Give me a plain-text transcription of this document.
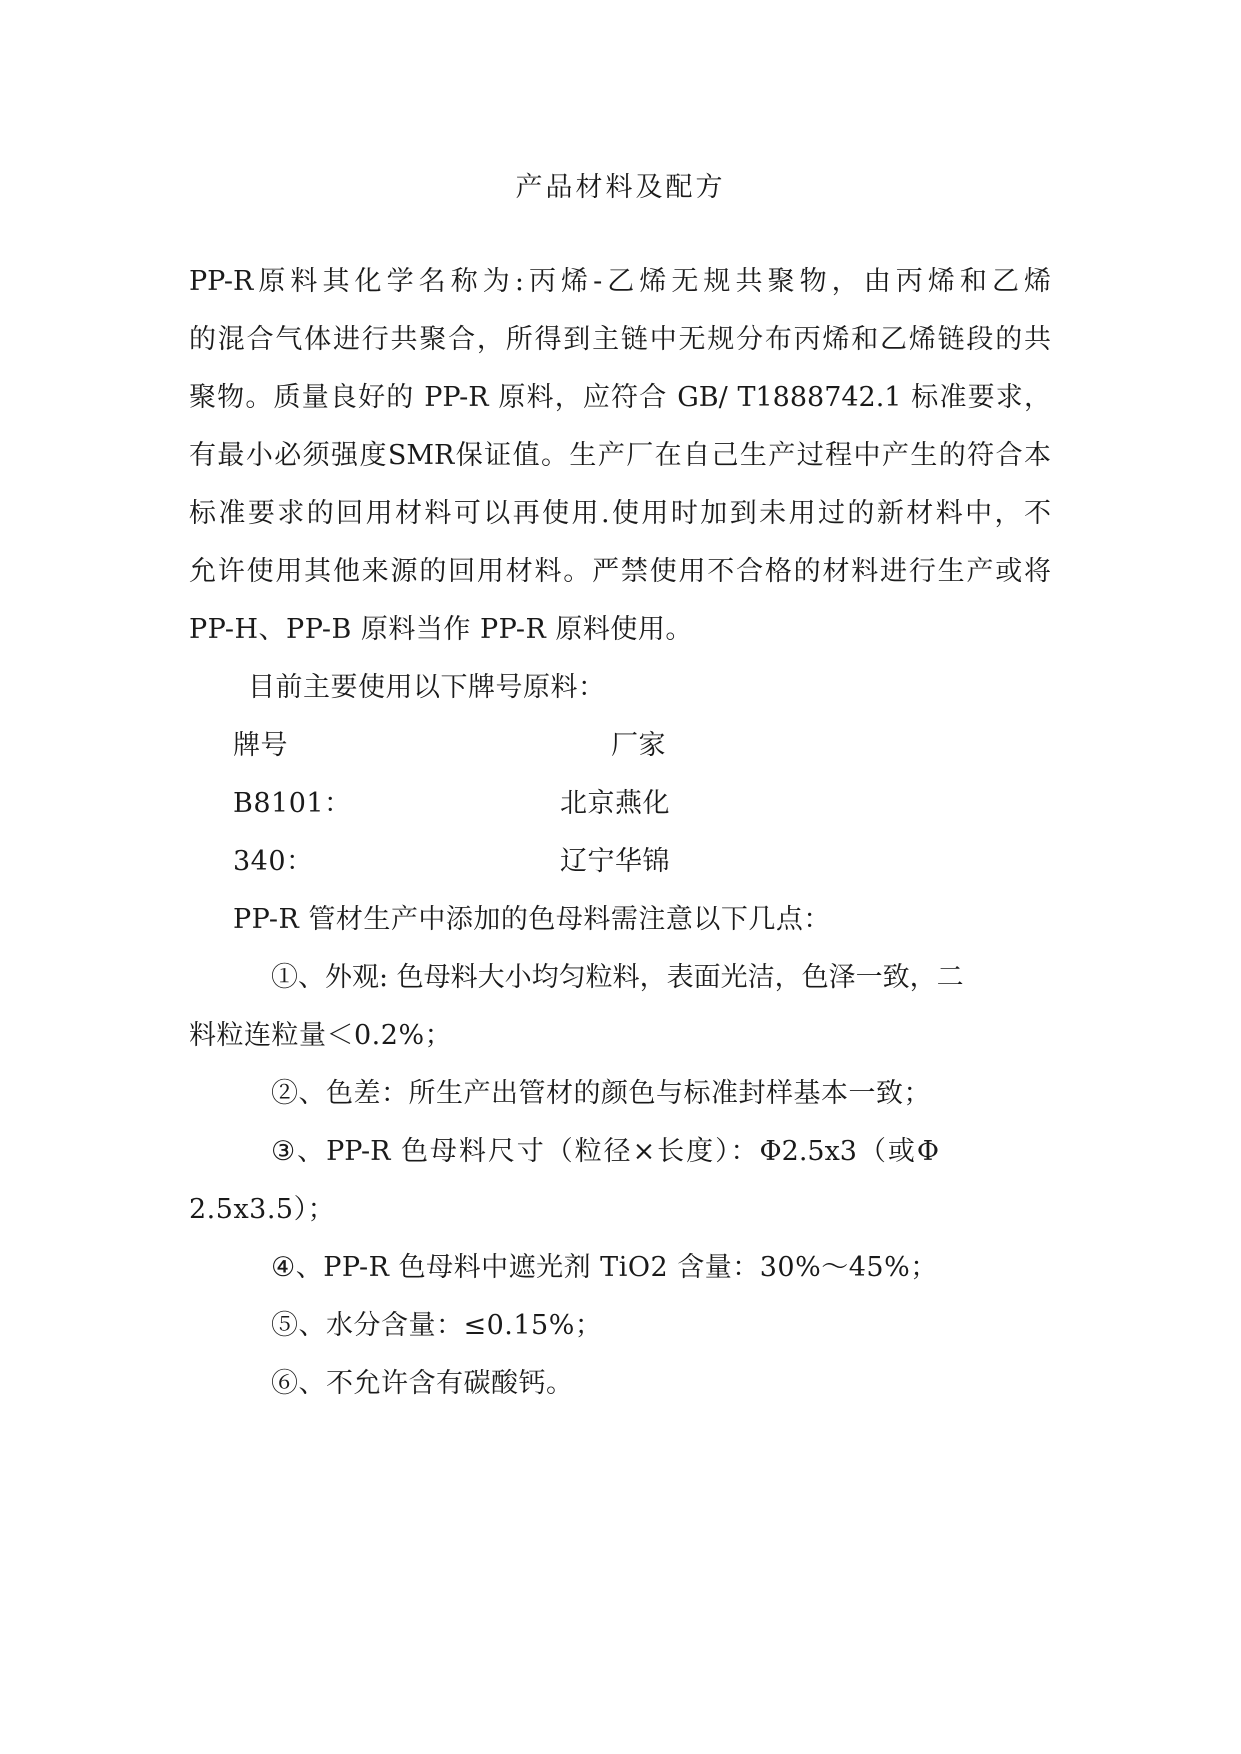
产品材料及配方
PP-R原料其化学名称为:丙烯-乙烯无规共聚物，由丙烯和乙烯
的混合气体进行共聚合，所得到主链中无规分布丙烯和乙烯链段的共
聚物。质量良好的 PP-R 原料，应符合 GB/ T1888742.1 标准要求，
有最小必须强度SMR保证值。生产厂在自己生产过程中产生的符合本
标准要求的回用材料可以再使用.使用时加到未用过的新材料中，不
允许使用其他来源的回用材料。严禁使用不合格的材料进行生产或将
PP-H、PP-B 原料当作 PP-R 原料使用。
目前主要使用以下牌号原料：
牌号	厂家
B8101：	北京燕化
340：	辽宁华锦
PP-R 管材生产中添加的色母料需注意以下几点：
①、外观: 色母料大小均匀粒料，表面光洁，色泽一致，二
料粒连粒量＜0.2%；
②、色差：所生产出管材的颜色与标准封样基本一致；
③、PP-R 色母料尺寸（粒径×长度）：Φ2.5x3（或Φ
2.5x3.5）；
④、PP-R 色母料中遮光剂 TiO2 含量：30%～45%；
⑤、水分含量：≤0.15%；
⑥、不允许含有碳酸钙。
